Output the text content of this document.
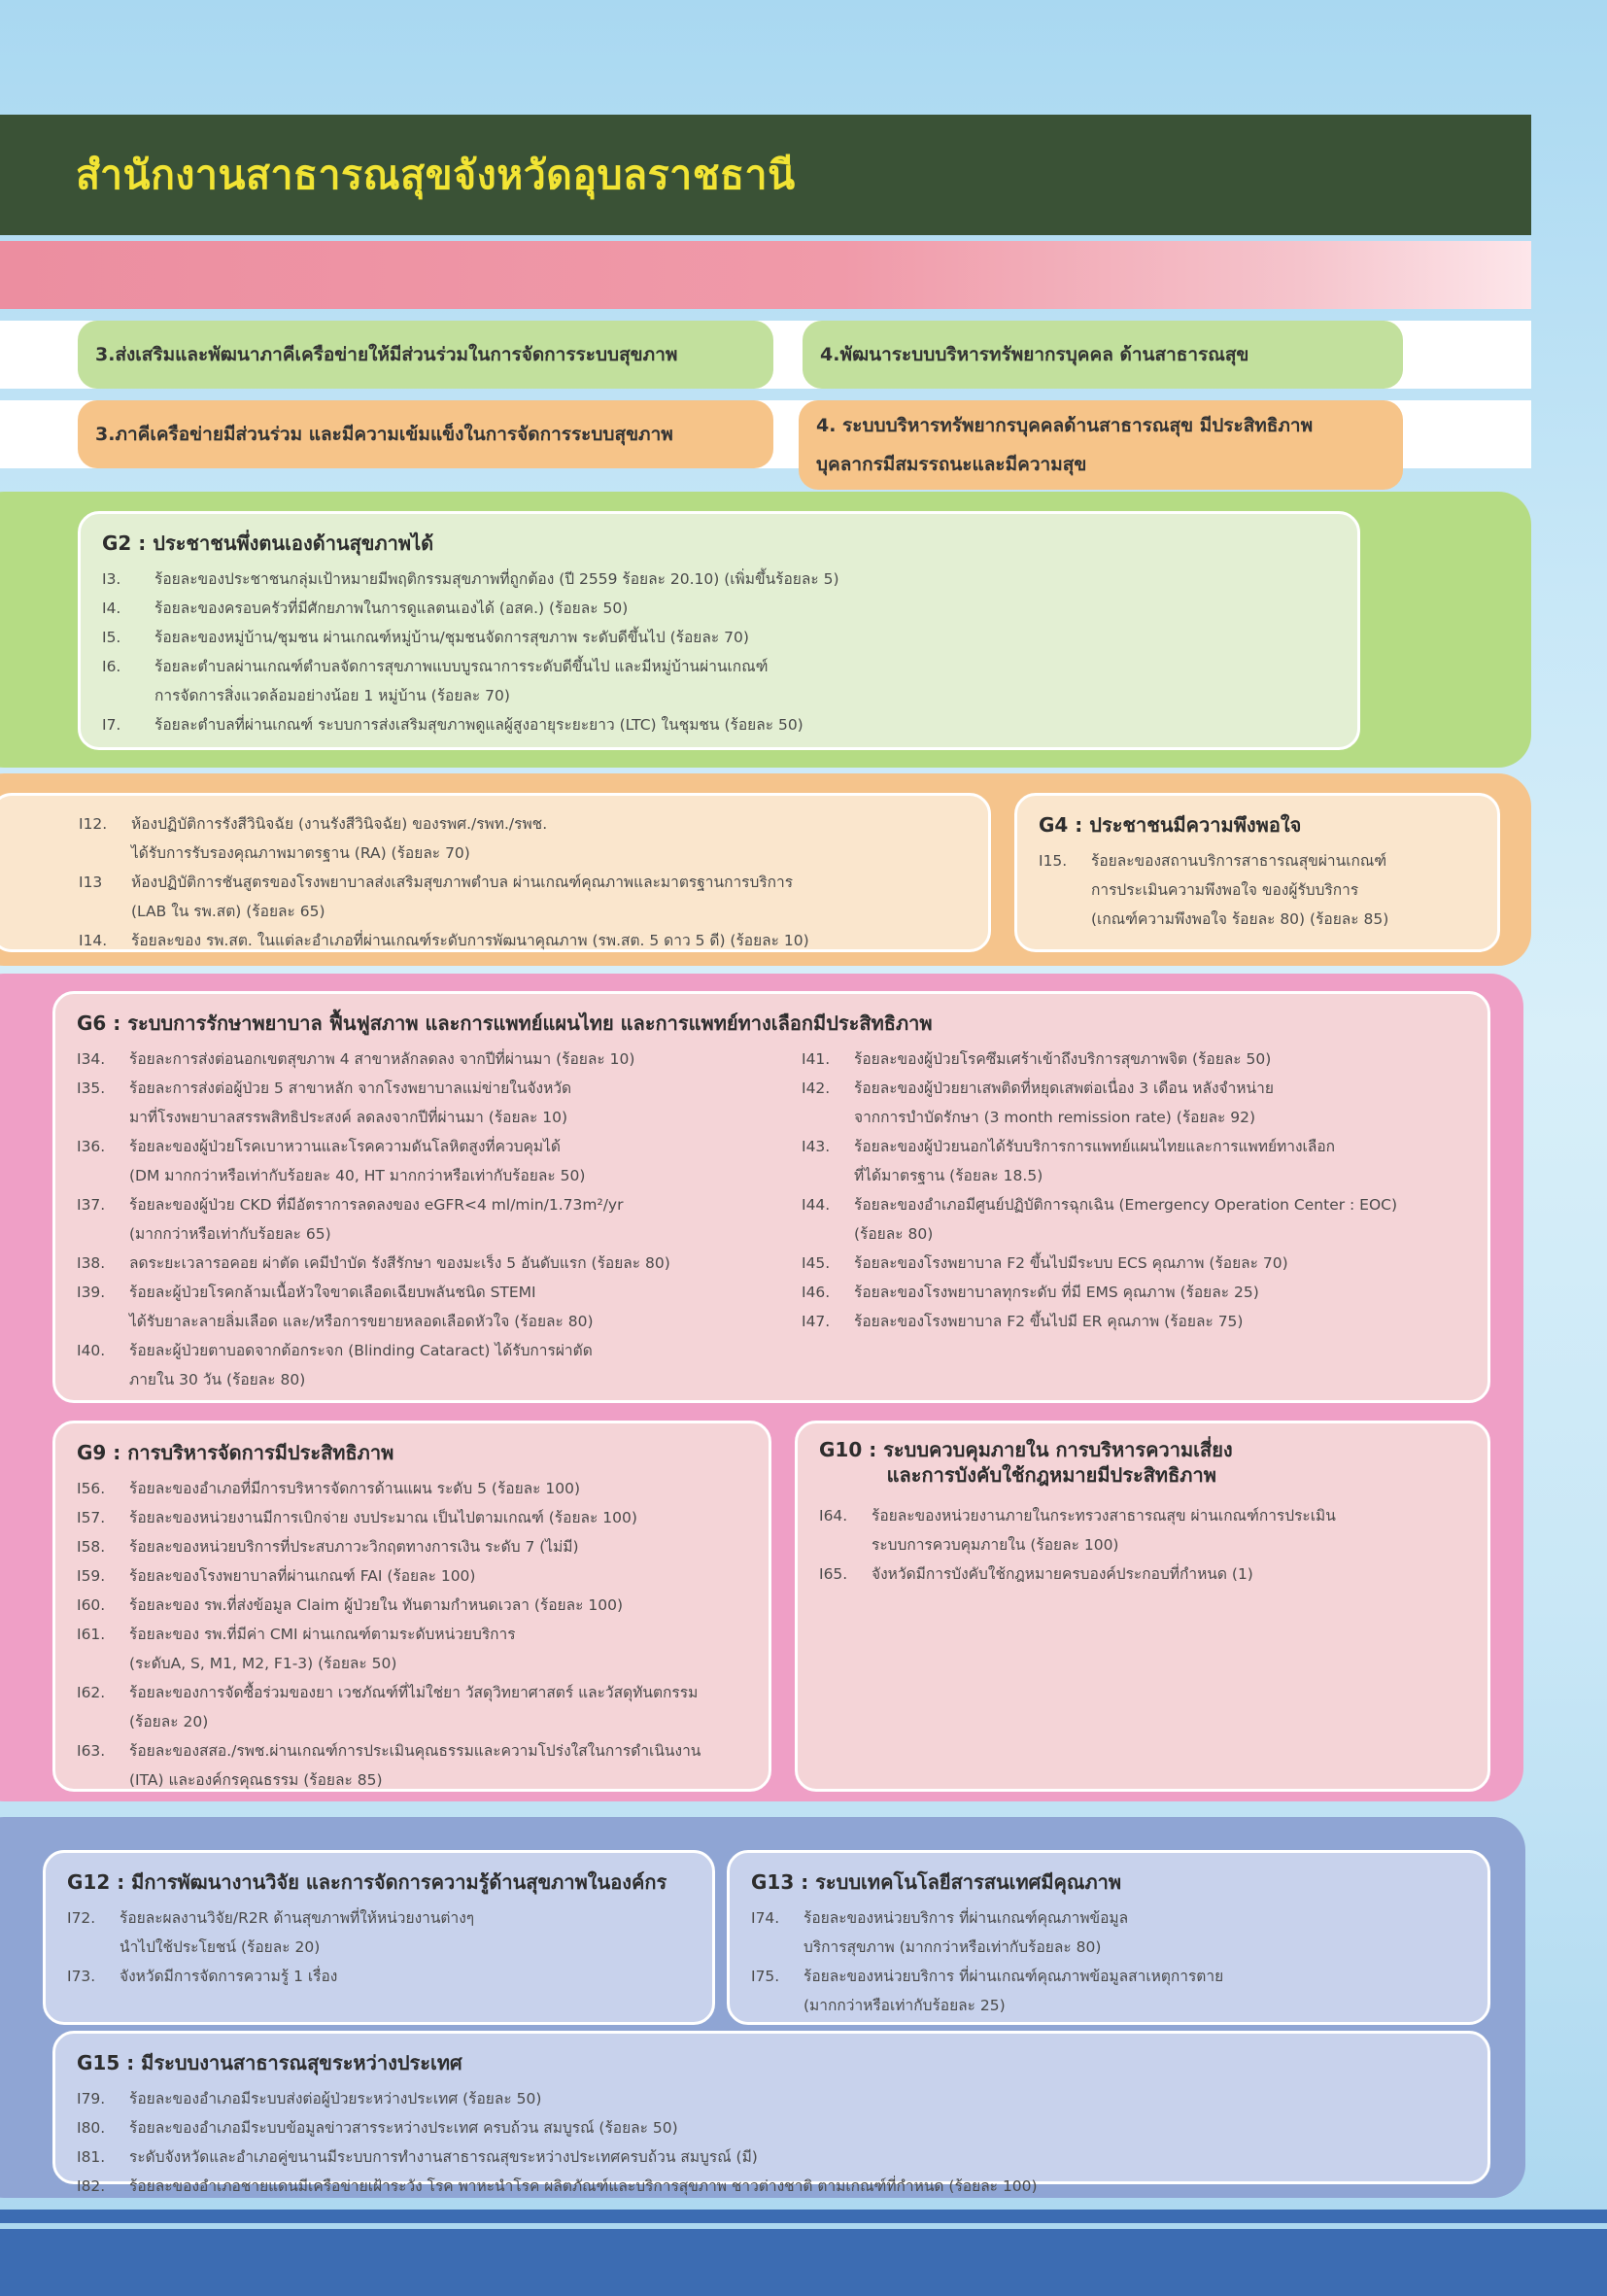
สำนักงานสาธารณสุขจังหวัดอุบลราชธานี
3.ส่งเสริมและพัฒนาภาคีเครือข่ายให้มีส่วนร่วมในการจัดการระบบสุขภาพ	4.พัฒนาระบบบริหารทรัพยากรบุคคล ด้านสาธารณสุข
3.ภาคีเครือข่ายมีส่วนร่วม และมีความเข้มแข็งในการจัดการระบบสุขภาพ	4. ระบบบริหารทรัพยากรบุคคลด้านสาธารณสุข มีประสิทธิภาพ
บุคลากรมีสมรรถนะและมีความสุข
G2 : ประชาชนพึ่งตนเองด้านสุขภาพได้
I3.	ร้อยละของประชาชนกลุ่มเป้าหมายมีพฤติกรรมสุขภาพที่ถูกต้อง (ปี 2559 ร้อยละ 20.10) (เพิ่มขึ้นร้อยละ 5)
I4.	ร้อยละของครอบครัวที่มีศักยภาพในการดูแลตนเองได้ (อสค.) (ร้อยละ 50)
I5.	ร้อยละของหมู่บ้าน/ชุมชน ผ่านเกณฑ์หมู่บ้าน/ชุมชนจัดการสุขภาพ ระดับดีขึ้นไป (ร้อยละ 70)
I6.	ร้อยละตำบลผ่านเกณฑ์ตำบลจัดการสุขภาพแบบบูรณาการระดับดีขึ้นไป และมีหมู่บ้านผ่านเกณฑ์
การจัดการสิ่งแวดล้อมอย่างน้อย 1 หมู่บ้าน (ร้อยละ 70)
I7.	ร้อยละตำบลที่ผ่านเกณฑ์ ระบบการส่งเสริมสุขภาพดูแลผู้สูงอายุระยะยาว (LTC) ในชุมชน (ร้อยละ 50)
I12.	ห้องปฏิบัติการรังสีวินิจฉัย (งานรังสีวินิจฉัย) ของรพศ./รพท./รพช.
ได้รับการรับรองคุณภาพมาตรฐาน (RA) (ร้อยละ 70)
I13	ห้องปฏิบัติการชันสูตรของโรงพยาบาลส่งเสริมสุขภาพตำบล ผ่านเกณฑ์คุณภาพและมาตรฐานการบริการ
(LAB ใน รพ.สต) (ร้อยละ 65)
I14.	ร้อยละของ รพ.สต. ในแต่ละอำเภอที่ผ่านเกณฑ์ระดับการพัฒนาคุณภาพ (รพ.สต. 5 ดาว 5 ดี) (ร้อยละ 10)
G4 : ประชาชนมีความพึงพอใจ
I15.	ร้อยละของสถานบริการสาธารณสุขผ่านเกณฑ์
การประเมินความพึงพอใจ ของผู้รับบริการ
(เกณฑ์ความพึงพอใจ ร้อยละ 80) (ร้อยละ 85)
G6 : ระบบการรักษาพยาบาล ฟื้นฟูสภาพ และการแพทย์แผนไทย และการแพทย์ทางเลือกมีประสิทธิภาพ
I34.	ร้อยละการส่งต่อนอกเขตสุขภาพ 4 สาขาหลักลดลง จากปีที่ผ่านมา (ร้อยละ 10)
I35.	ร้อยละการส่งต่อผู้ป่วย 5 สาขาหลัก จากโรงพยาบาลแม่ข่ายในจังหวัด
มาที่โรงพยาบาลสรรพสิทธิประสงค์ ลดลงจากปีที่ผ่านมา (ร้อยละ 10)
I36.	ร้อยละของผู้ป่วยโรคเบาหวานและโรคความดันโลหิตสูงที่ควบคุมได้
(DM มากกว่าหรือเท่ากับร้อยละ 40, HT มากกว่าหรือเท่ากับร้อยละ 50)
I37.	ร้อยละของผู้ป่วย CKD ที่มีอัตราการลดลงของ eGFR<4 ml/min/1.73m²/yr
(มากกว่าหรือเท่ากับร้อยละ 65)
I38.	ลดระยะเวลารอคอย ผ่าตัด เคมีบำบัด รังสีรักษา ของมะเร็ง 5 อันดับแรก (ร้อยละ 80)
I39.	ร้อยละผู้ป่วยโรคกล้ามเนื้อหัวใจขาดเลือดเฉียบพลันชนิด STEMI
ได้รับยาละลายลิ่มเลือด และ/หรือการขยายหลอดเลือดหัวใจ (ร้อยละ 80)
I40.	ร้อยละผู้ป่วยตาบอดจากต้อกระจก (Blinding Cataract) ได้รับการผ่าตัด
ภายใน 30 วัน (ร้อยละ 80)
I41.	ร้อยละของผู้ป่วยโรคซึมเศร้าเข้าถึงบริการสุขภาพจิต (ร้อยละ 50)
I42.	ร้อยละของผู้ป่วยยาเสพติดที่หยุดเสพต่อเนื่อง 3 เดือน หลังจำหน่าย
จากการบำบัดรักษา (3 month remission rate) (ร้อยละ 92)
I43.	ร้อยละของผู้ป่วยนอกได้รับบริการการแพทย์แผนไทยและการแพทย์ทางเลือก
ที่ได้มาตรฐาน (ร้อยละ 18.5)
I44.	ร้อยละของอำเภอมีศูนย์ปฏิบัติการฉุกเฉิน (Emergency Operation Center : EOC)
(ร้อยละ 80)
I45.	ร้อยละของโรงพยาบาล F2 ขึ้นไปมีระบบ ECS คุณภาพ (ร้อยละ 70)
I46.	ร้อยละของโรงพยาบาลทุกระดับ ที่มี EMS คุณภาพ (ร้อยละ 25)
I47.	ร้อยละของโรงพยาบาล F2 ขึ้นไปมี ER คุณภาพ (ร้อยละ 75)
G9 : การบริหารจัดการมีประสิทธิภาพ
I56.	ร้อยละของอำเภอที่มีการบริหารจัดการด้านแผน ระดับ 5 (ร้อยละ 100)
I57.	ร้อยละของหน่วยงานมีการเบิกจ่าย งบประมาณ เป็นไปตามเกณฑ์ (ร้อยละ 100)
I58.	ร้อยละของหน่วยบริการที่ประสบภาวะวิกฤตทางการเงิน ระดับ 7 (ไม่มี)
I59.	ร้อยละของโรงพยาบาลที่ผ่านเกณฑ์ FAI (ร้อยละ 100)
I60.	ร้อยละของ รพ.ที่ส่งข้อมูล Claim ผู้ป่วยใน ทันตามกำหนดเวลา (ร้อยละ 100)
I61.	ร้อยละของ รพ.ที่มีค่า CMI ผ่านเกณฑ์ตามระดับหน่วยบริการ
(ระดับA, S, M1, M2, F1-3) (ร้อยละ 50)
I62.	ร้อยละของการจัดซื้อร่วมของยา เวชภัณฑ์ที่ไม่ใช่ยา วัสดุวิทยาศาสตร์ และวัสดุทันตกรรม
(ร้อยละ 20)
I63.	ร้อยละของสสอ./รพช.ผ่านเกณฑ์การประเมินคุณธรรมและความโปร่งใสในการดำเนินงาน
(ITA) และองค์กรคุณธรรม (ร้อยละ 85)
G10 : ระบบควบคุมภายใน การบริหารความเสี่ยง
และการบังคับใช้กฎหมายมีประสิทธิภาพ
I64.	ร้อยละของหน่วยงานภายในกระทรวงสาธารณสุข ผ่านเกณฑ์การประเมิน
ระบบการควบคุมภายใน (ร้อยละ 100)
I65.	จังหวัดมีการบังคับใช้กฎหมายครบองค์ประกอบที่กำหนด (1)
G12 : มีการพัฒนางานวิจัย และการจัดการความรู้ด้านสุขภาพในองค์กร
I72.	ร้อยละผลงานวิจัย/R2R ด้านสุขภาพที่ให้หน่วยงานต่างๆ
นำไปใช้ประโยชน์ (ร้อยละ 20)
I73.	จังหวัดมีการจัดการความรู้ 1 เรื่อง
G13 : ระบบเทคโนโลยีสารสนเทศมีคุณภาพ
I74.	ร้อยละของหน่วยบริการ ที่ผ่านเกณฑ์คุณภาพข้อมูล
บริการสุขภาพ (มากกว่าหรือเท่ากับร้อยละ 80)
I75.	ร้อยละของหน่วยบริการ ที่ผ่านเกณฑ์คุณภาพข้อมูลสาเหตุการตาย
(มากกว่าหรือเท่ากับร้อยละ 25)
G15 : มีระบบงานสาธารณสุขระหว่างประเทศ
I79.	ร้อยละของอำเภอมีระบบส่งต่อผู้ป่วยระหว่างประเทศ (ร้อยละ 50)
I80.	ร้อยละของอำเภอมีระบบข้อมูลข่าวสารระหว่างประเทศ ครบถ้วน สมบูรณ์ (ร้อยละ 50)
I81.	ระดับจังหวัดและอำเภอคู่ขนานมีระบบการทำงานสาธารณสุขระหว่างประเทศครบถ้วน สมบูรณ์ (มี)
I82.	ร้อยละของอำเภอชายแดนมีเครือข่ายเฝ้าระวัง โรค พาหะนำโรค ผลิตภัณฑ์และบริการสุขภาพ ชาวต่างชาติ ตามเกณฑ์ที่กำหนด (ร้อยละ 100)
